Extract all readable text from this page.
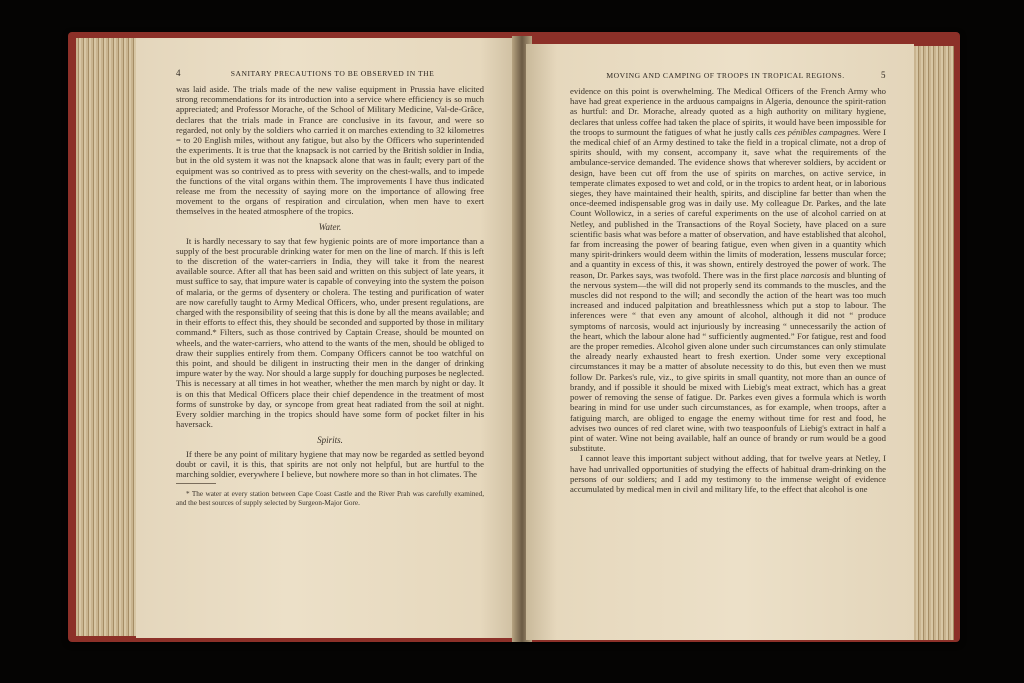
4	SANITARY PRECAUTIONS TO BE OBSERVED IN THE

was laid aside. The trials made of the new valise equipment in Prussia have elicited strong recommendations for its introduction into a service where efficiency is so much appreciated; and Professor Morache, of the School of Military Medicine, Val-de-Grâce, declares that the trials made in France are conclusive in its favour, and were so regarded, not only by the soldiers who carried it on marches extending to 32 kilometres = to 20 English miles, without any fatigue, but also by the Officers who superintended the experiments. It is true that the knapsack is not carried by the British soldier in India, but in the old system it was not the knapsack alone that was in fault; every part of the equipment was so contrived as to press with severity on the chest-walls, and to impede the functions of the vital organs within them. The improvements I have thus indicated release me from the necessity of saying more on the importance of allowing free movement to the organs of respiration and circulation, when men have to exert themselves in the heated atmosphere of the tropics.

Water.

It is hardly necessary to say that few hygienic points are of more importance than a supply of the best procurable drinking water for men on the line of march. If this is left to the discretion of the water-carriers in India, they will take it from the nearest available source. After all that has been said and written on this subject of late years, it must suffice to say, that impure water is capable of conveying into the system the poison of malaria, or the germs of dysentery or cholera. The testing and purification of water are now carefully taught to Army Medical Officers, who, under present regulations, are charged with the responsibility of seeing that this is done by all the means available; and in their efforts to effect this, they should be seconded and supported by those in military command.* Filters, such as those contrived by Captain Crease, should be mounted on wheels, and the water-carriers, who attend to the wants of the men, should be obliged to draw their supplies entirely from them. Company Officers cannot be too watchful on this point, and should be diligent in instructing their men in the danger of drinking impure water by the way. Nor should a large supply for douching purposes be neglected. This is necessary at all times in hot weather, whether the men march by night or day. It is on this that Medical Officers place their chief dependence in the treatment of most forms of sunstroke by day, or syncope from great heat radiated from the soil at night. Every soldier marching in the tropics should have some form of pocket filter in his haversack.

Spirits.

If there be any point of military hygiene that may now be regarded as settled beyond doubt or cavil, it is this, that spirits are not only not helpful, but are hurtful to the marching soldier, everywhere I believe, but nowhere more so than in hot climates. The

* The water at every station between Cape Coast Castle and the River Prah was carefully examined, and the best sources of supply selected by Surgeon-Major Gore.

MOVING AND CAMPING OF TROOPS IN TROPICAL REGIONS.	5

evidence on this point is overwhelming. The Medical Officers of the French Army who have had great experience in the arduous campaigns in Algeria, denounce the spirit-ration as hurtful: and Dr. Morache, already quoted as a high authority on military hygiene, declares that unless coffee had taken the place of spirits, it would have been impossible for the troops to surmount the fatigues of what he justly calls ces pénibles campagnes. Were I the medical chief of an Army destined to take the field in a tropical climate, not a drop of spirits should, with my consent, accompany it, save what the requirements of the ambulance-service demanded. The evidence shows that wherever soldiers, by accident or design, have been cut off from the use of spirits on marches, on active service, in temperate climates exposed to wet and cold, or in the tropics to ardent heat, or in laborious sieges, they have maintained their health, spirits, and discipline far better than when the once-deemed indispensable grog was in daily use. My colleague Dr. Parkes, and the late Count Wollowicz, in a series of careful experiments on the use of alcohol carried on at Netley, and published in the Transactions of the Royal Society, have placed on a sure scientific basis what was before a matter of observation, and have established that alcohol, far from increasing the power of bearing fatigue, even when given in a quantity which many spirit-drinkers would deem within the limits of moderation, lessens muscular force; and a quantity in excess of this, it was shown, entirely destroyed the power of work. The reason, Dr. Parkes says, was twofold. There was in the first place narcosis and blunting of the nervous system—the will did not properly send its commands to the muscles, and the muscles did not respond to the will; and secondly the action of the heart was too much increased and induced palpitation and breathlessness which put a stop to labour. The inferences were “ that even any amount of alcohol, although it did not “ produce symptoms of narcosis, would act injuriously by increasing “ unnecessarily the action of the heart, which the labour alone had “ sufficiently augmented.” For fatigue, rest and food are the proper remedies. Alcohol given alone under such circumstances can only stimulate the already nearly exhausted heart to fresh exertion. Under some very exceptional circumstances it may be a matter of absolute necessity to do this, but even then we must follow Dr. Parkes's rule, viz., to give spirits in small quantity, not more than an ounce of brandy, and if possible it should be mixed with Liebig's meat extract, which has a great power of removing the sense of fatigue. Dr. Parkes even gives a formula which is worth bearing in mind for use under such circumstances, as for example, when troops, after a fatiguing march, are obliged to engage the enemy without time for rest and food, he advises two ounces of red claret wine, with two teaspoonfuls of Liebig's extract in half a pint of water. Wine not being available, half an ounce of brandy or rum would be a good substitute.

I cannot leave this important subject without adding, that for twelve years at Netley, I have had unrivalled opportunities of studying the effects of habitual dram-drinking on the persons of our soldiers; and I add my testimony to the immense weight of evidence accumulated by medical men in civil and military life, to the effect that alcohol is one
